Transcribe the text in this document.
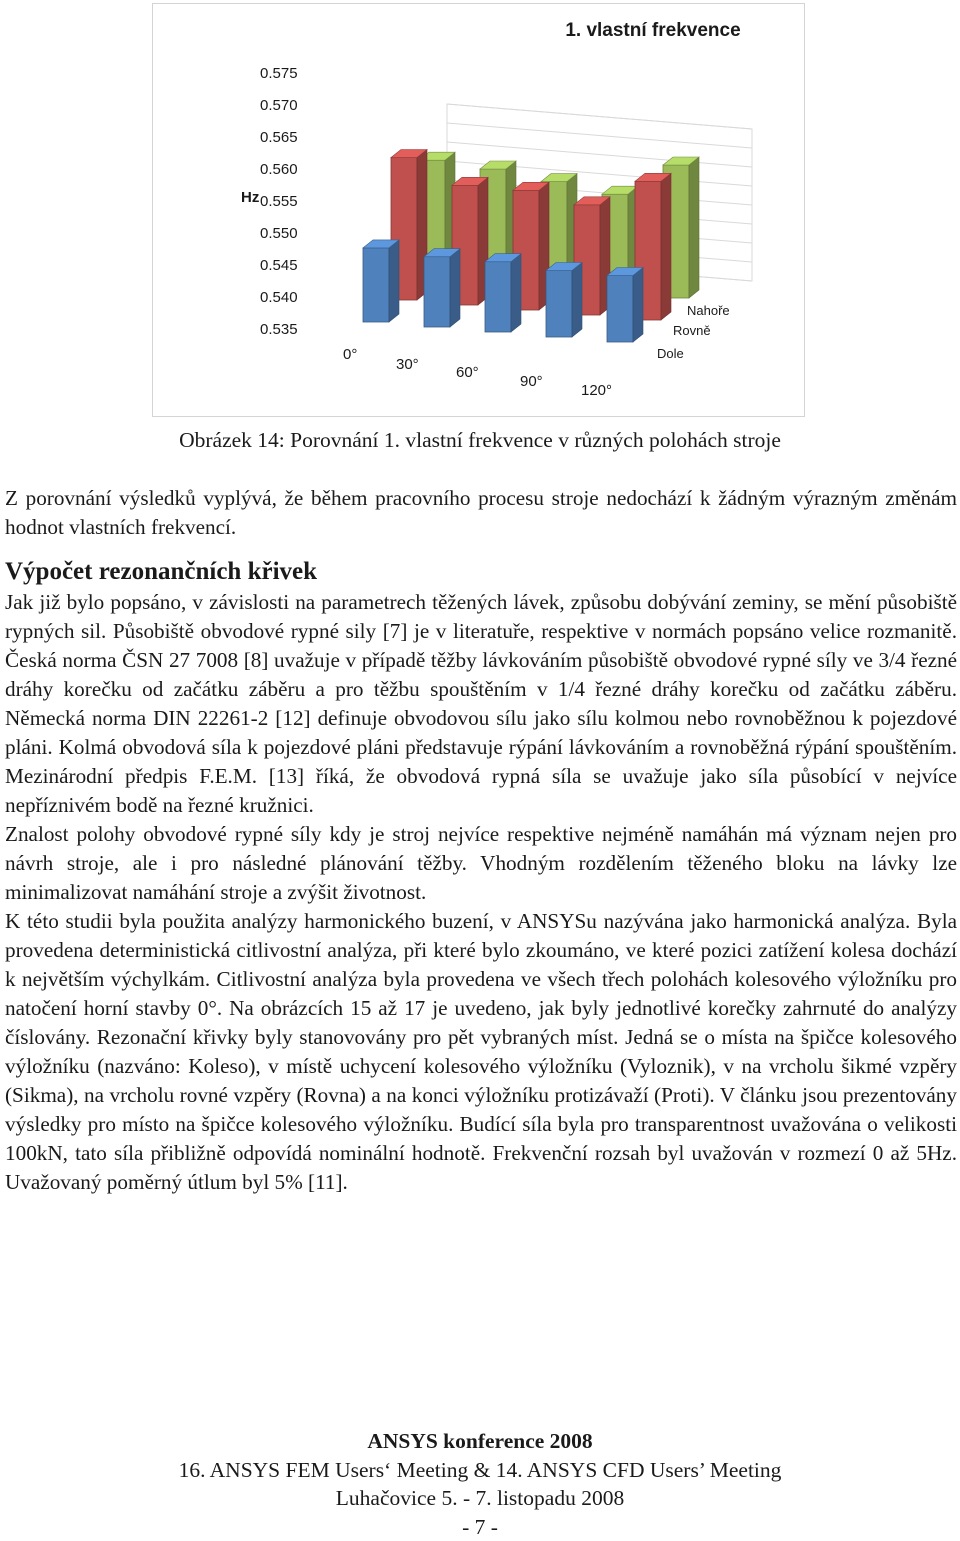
1. vlastní frekvence
Hz
0.575
0.570
0.565
0.560
0.555
0.550
0.545
0.540
0.535
0°
30° 60°
90°
120°
Dole
Rovně
Nahoře
Obrázek 14: Porovnání 1. vlastní frekvence v různých polohách stroje

Z porovnání výsledků vyplývá, že během pracovního procesu stroje nedochází k žádným výrazným změnám hodnot vlastních frekvencí.

Výpočet rezonančních křivek

Jak již bylo popsáno, v závislosti na parametrech těžených lávek, způsobu dobývání zeminy, se mění působiště rypných sil. Působiště obvodové rypné sily [7] je v literatuře, respektive v normách popsáno velice rozmanitě. Česká norma ČSN 27 7008 [8] uvažuje v případě těžby lávkováním působiště obvodové rypné síly ve 3/4 řezné dráhy korečku od začátku záběru a pro těžbu spouštěním v 1/4 řezné dráhy korečku od začátku záběru. Německá norma DIN 22261-2 [12] definuje obvodovou sílu jako sílu kolmou nebo rovnoběžnou k pojezdové pláni. Kolmá obvodová síla k pojezdové pláni představuje rýpání lávkováním a rovnoběžná rýpání spouštěním. Mezinárodní předpis F.E.M. [13] říká, že obvodová rypná síla se uvažuje jako síla působící v nejvíce nepříznivém bodě na řezné kružnici.

Znalost polohy obvodové rypné síly kdy je stroj nejvíce respektive nejméně namáhán má význam nejen pro návrh stroje, ale i pro následné plánování těžby. Vhodným rozdělením těženého bloku na lávky lze minimalizovat namáhání stroje a zvýšit životnost.

K této studii byla použita analýzy harmonického buzení, v ANSYSu nazývána jako harmonická analýza. Byla provedena deterministická citlivostní analýza, při které bylo zkoumáno, ve které pozici zatížení kolesa dochází k největším výchylkám. Citlivostní analýza byla provedena ve všech třech polohách kolesového výložníku pro natočení horní stavby 0°. Na obrázcích 15 až 17 je uvedeno, jak byly jednotlivé korečky zahrnuté do analýzy číslovány. Rezonační křivky byly stanovovány pro pět vybraných míst. Jedná se o místa na špičce kolesového výložníku (nazváno: Koleso), v místě uchycení kolesového výložníku (Vyloznik), v na vrcholu šikmé vzpěry (Sikma), na vrcholu rovné vzpěry (Rovna) a na konci výložníku protizávaží (Proti). V článku jsou prezentovány výsledky pro místo na špičce kolesového výložníku. Budící síla byla pro transparentnost uvažována o velikosti 100kN, tato síla přibližně odpovídá nominální hodnotě. Frekvenční rozsah byl uvažován v rozmezí 0 až 5Hz. Uvažovaný poměrný útlum byl 5% [11].

ANSYS konference 2008
16. ANSYS FEM Users‘ Meeting & 14. ANSYS CFD Users’ Meeting
Luhačovice 5. - 7. listopadu 2008
- 7 -
